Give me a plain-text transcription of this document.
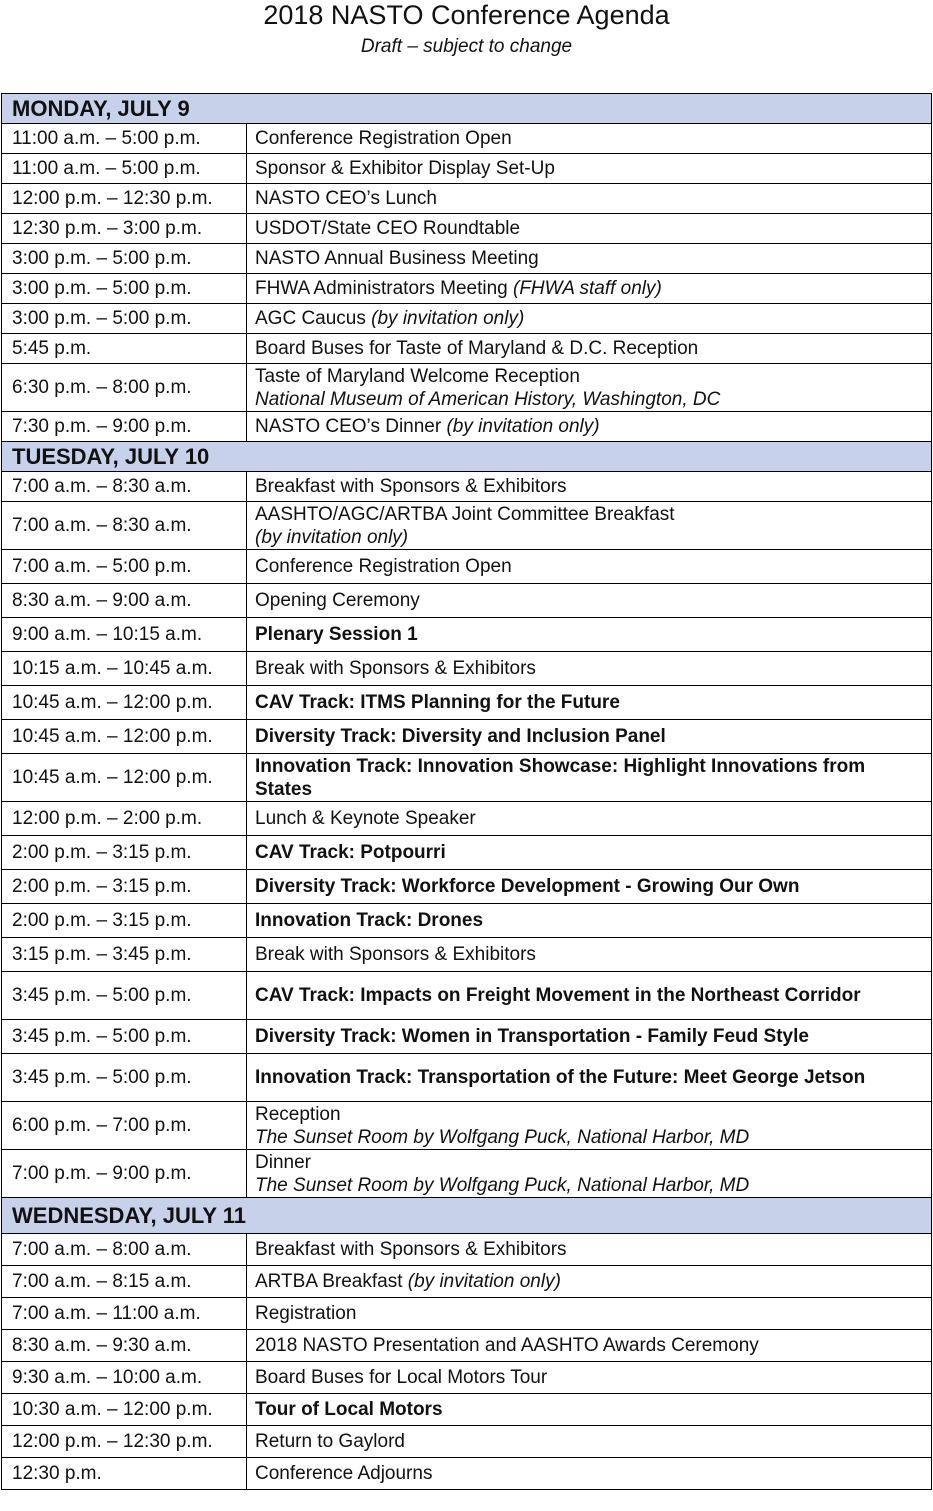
2018 NASTO Conference Agenda
Draft – subject to change
MONDAY, JULY 9	
11:00 a.m. – 5:00 p.m.	Conference Registration Open
11:00 a.m. – 5:00 p.m.	Sponsor & Exhibitor Display Set-Up
12:00 p.m. – 12:30 p.m.	NASTO CEO’s Lunch
12:30 p.m. – 3:00 p.m.	USDOT/State CEO Roundtable
3:00 p.m. – 5:00 p.m.	NASTO Annual Business Meeting
3:00 p.m. – 5:00 p.m.	FHWA Administrators Meeting (FHWA staff only)
3:00 p.m. – 5:00 p.m.	AGC Caucus (by invitation only)
5:45 p.m.	Board Buses for Taste of Maryland & D.C. Reception
6:30 p.m. – 8:00 p.m.	Taste of Maryland Welcome Reception
National Museum of American History, Washington, DC

7:30 p.m. – 9:00 p.m.	NASTO CEO’s Dinner (by invitation only)
TUESDAY, JULY 10	
7:00 a.m. – 8:30 a.m.	Breakfast with Sponsors & Exhibitors
7:00 a.m. – 8:30 a.m.	AASHTO/AGC/ARTBA Joint Committee Breakfast
(by invitation only)

7:00 a.m. – 5:00 p.m.	Conference Registration Open
8:30 a.m. – 9:00 a.m.	Opening Ceremony
9:00 a.m. – 10:15 a.m.	Plenary Session 1
10:15 a.m. – 10:45 a.m.	Break with Sponsors & Exhibitors
10:45 a.m. – 12:00 p.m.	CAV Track: ITMS Planning for the Future
10:45 a.m. – 12:00 p.m.	Diversity Track: Diversity and Inclusion Panel
10:45 a.m. – 12:00 p.m.	Innovation Track: Innovation Showcase: Highlight Innovations from States
12:00 p.m. – 2:00 p.m.	Lunch & Keynote Speaker
2:00 p.m. – 3:15 p.m.	CAV Track: Potpourri
2:00 p.m. – 3:15 p.m.	Diversity Track: Workforce Development - Growing Our Own
2:00 p.m. – 3:15 p.m.	Innovation Track: Drones
3:15 p.m. – 3:45 p.m.	Break with Sponsors & Exhibitors
3:45 p.m. – 5:00 p.m.	CAV Track: Impacts on Freight Movement in the Northeast Corridor
3:45 p.m. – 5:00 p.m.	Diversity Track: Women in Transportation - Family Feud Style
3:45 p.m. – 5:00 p.m.	Innovation Track: Transportation of the Future: Meet George Jetson
6:00 p.m. – 7:00 p.m.	Reception
The Sunset Room by Wolfgang Puck, National Harbor, MD

7:00 p.m. – 9:00 p.m.	Dinner
The Sunset Room by Wolfgang Puck, National Harbor, MD

WEDNESDAY, JULY 11	
7:00 a.m. – 8:00 a.m.	Breakfast with Sponsors & Exhibitors
7:00 a.m. – 8:15 a.m.	ARTBA Breakfast (by invitation only)
7:00 a.m. – 11:00 a.m.	Registration
8:30 a.m. – 9:30 a.m.	2018 NASTO Presentation and AASHTO Awards Ceremony
9:30 a.m. – 10:00 a.m.	Board Buses for Local Motors Tour
10:30 a.m. – 12:00 p.m.	Tour of Local Motors
12:00 p.m. – 12:30 p.m.	Return to Gaylord
12:30 p.m.	Conference Adjourns
